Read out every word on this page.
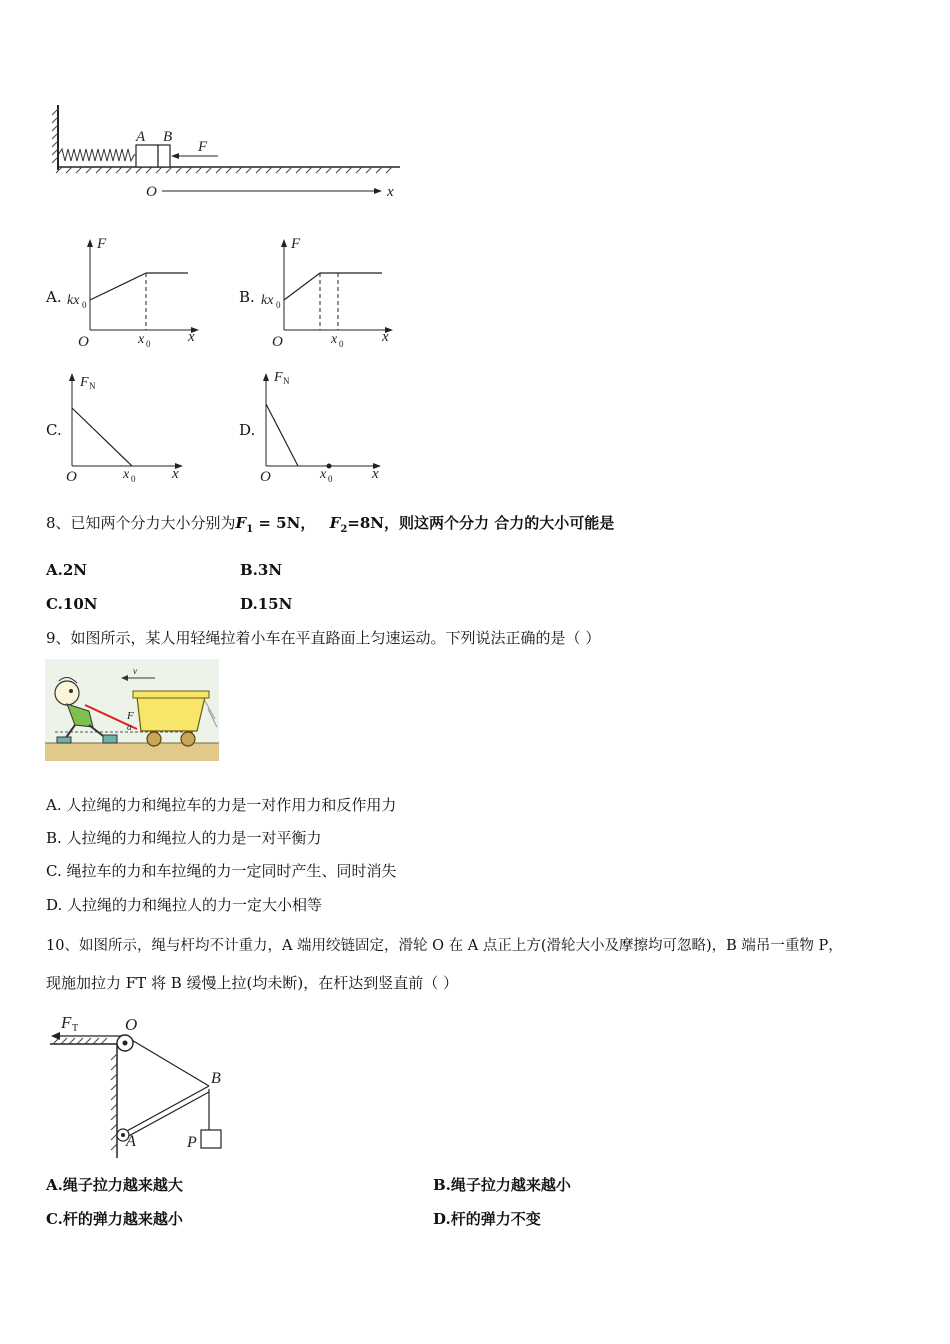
A B
F
O	x
A.
F
x
O
kx 0
x 0
B.
F
x
O
kx 0
x 0
C.
F N
x
O	x 0
D.
F N
x
O	x 0
8、已知两个分力大小分别为$F_1 = 5N$， $F_2=8N$，则这两个分力 合力的大小可能是
A.2N	B.3N
C.10N	D.15N
9、如图所示，某人用轻绳拉着小车在平直路面上匀速运动。下列说法正确的是（ ）
v
F
α
A. 人拉绳的力和绳拉车的力是一对作用力和反作用力
B. 人拉绳的力和绳拉人的力是一对平衡力
C. 绳拉车的力和车拉绳的力一定同时产生、同时消失
D. 人拉绳的力和绳拉人的力一定大小相等
10、如图所示，绳与杆均不计重力，A 端用绞链固定，滑轮 O 在 A 点正上方(滑轮大小及摩擦均可忽略)，B 端吊一重物 P，
现施加拉力 FT 将 B 缓慢上拉(均未断)，在杆达到竖直前（ ）
F T	O
A
B
P
A.绳子拉力越来越大	B.绳子拉力越来越小
C.杆的弹力越来越小	D.杆的弹力不变
